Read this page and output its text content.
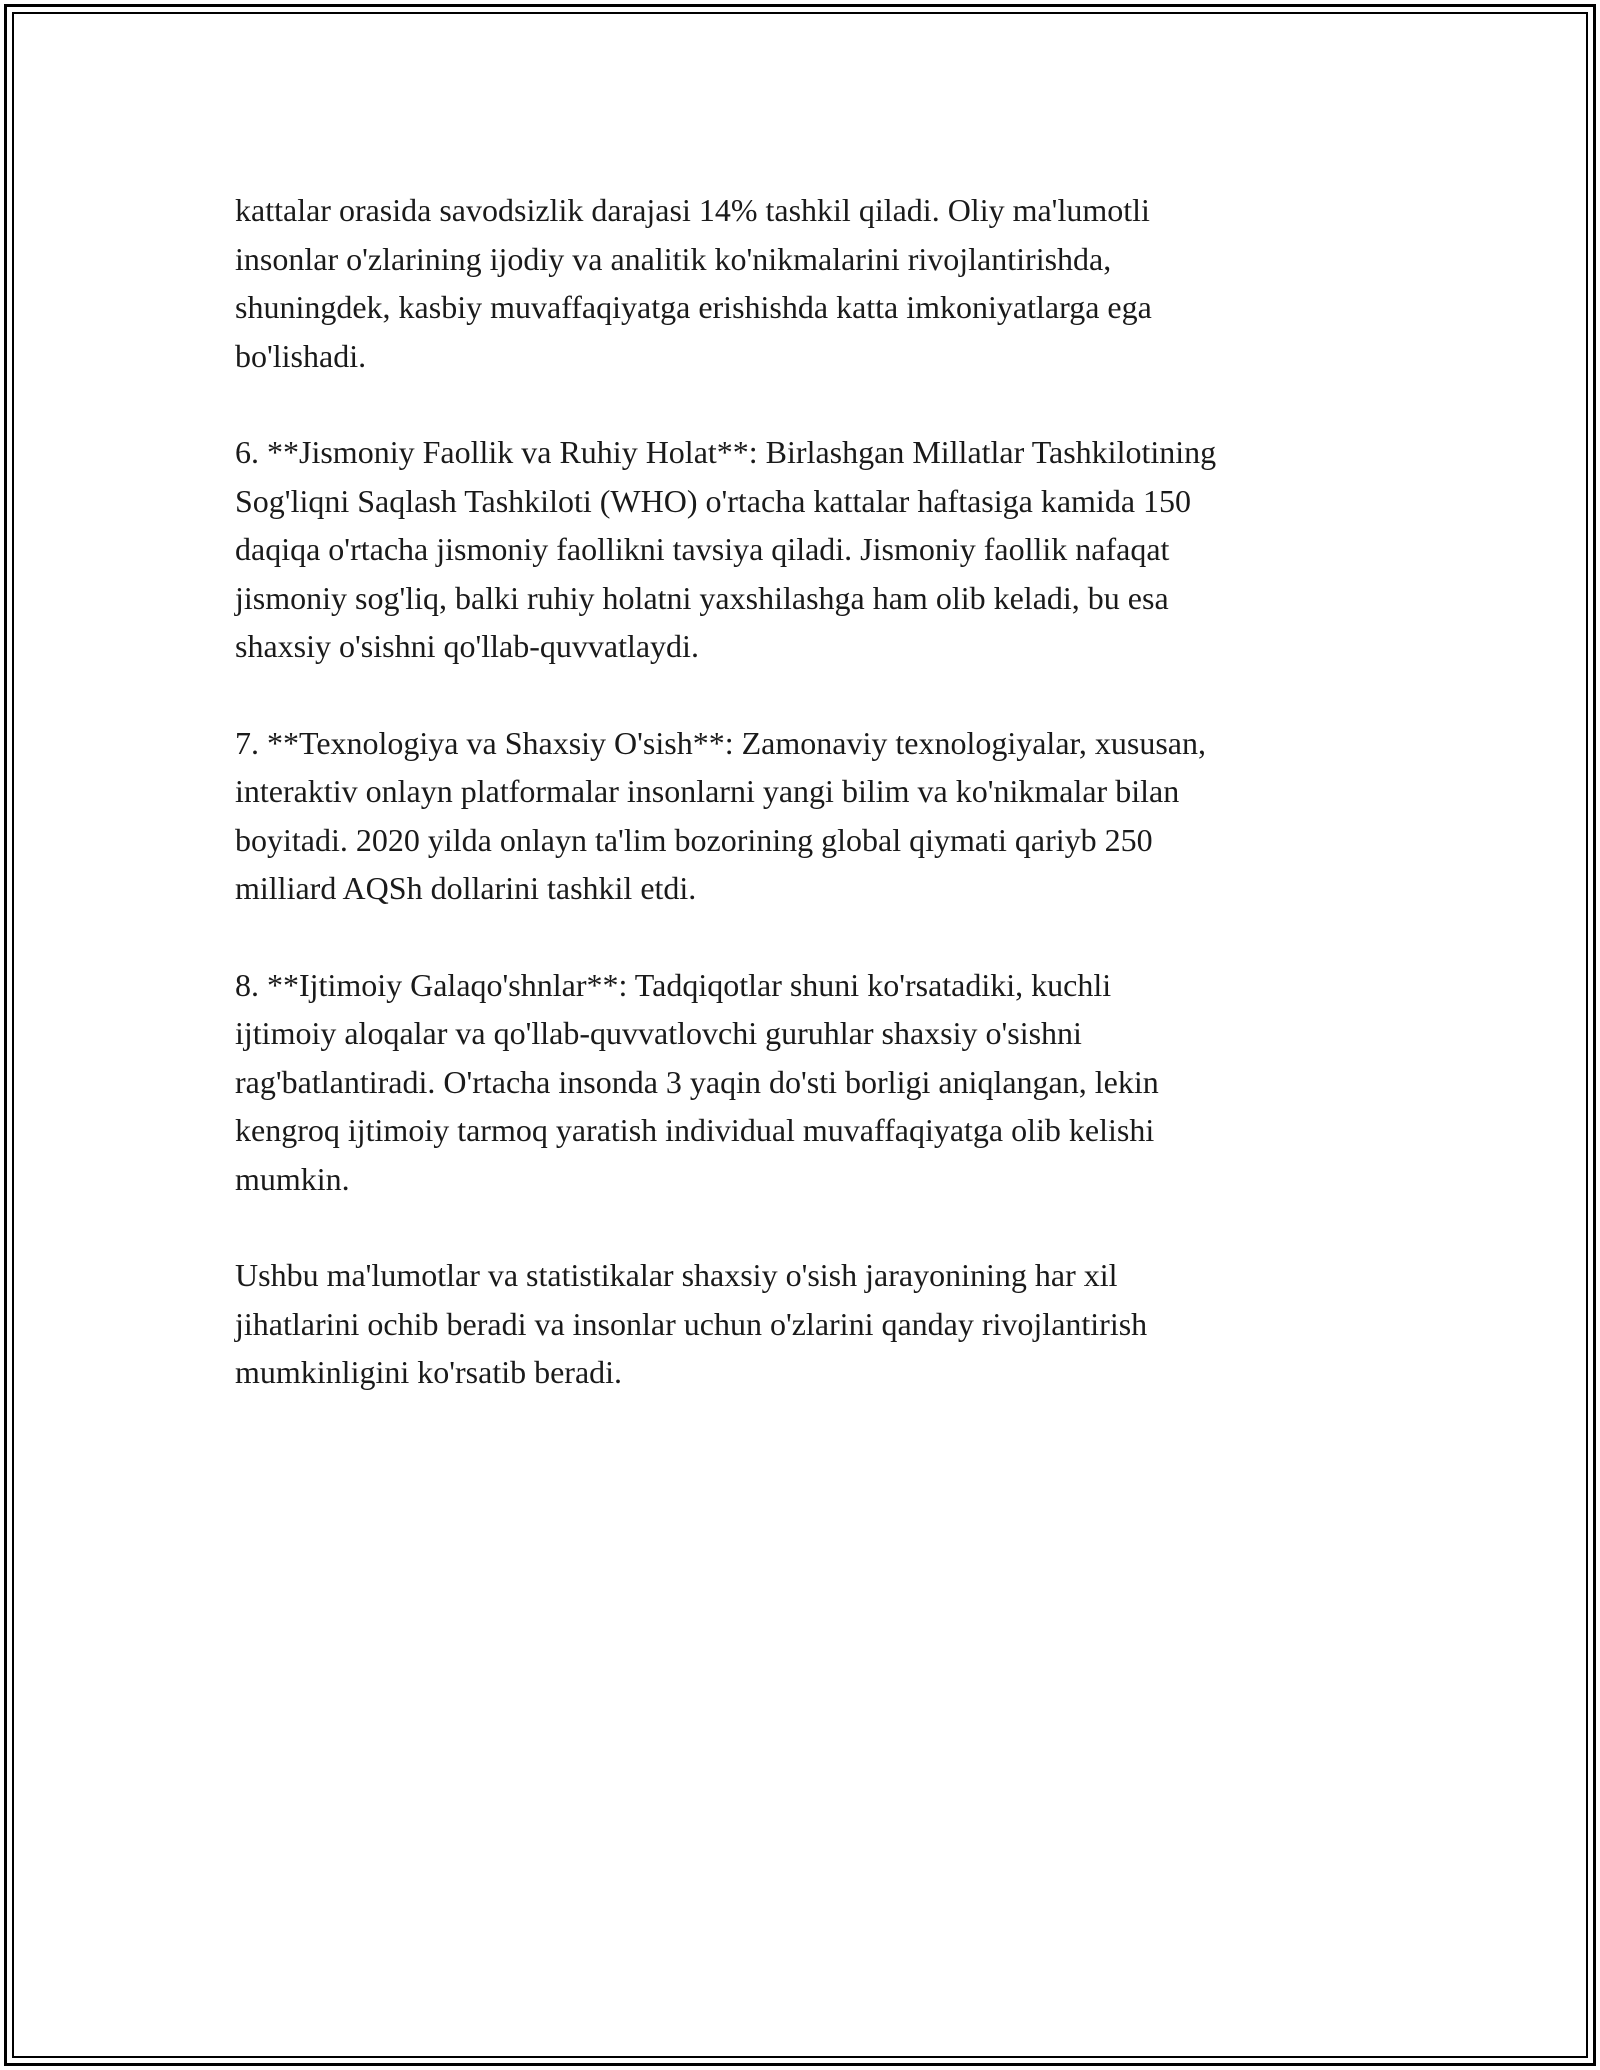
kattalar orasida savodsizlik darajasi 14% tashkil qiladi. Oliy ma'lumotli
insonlar o'zlarining ijodiy va analitik ko'nikmalarini rivojlantirishda,
shuningdek, kasbiy muvaffaqiyatga erishishda katta imkoniyatlarga ega
bo'lishadi.

6. **Jismoniy Faollik va Ruhiy Holat**: Birlashgan Millatlar Tashkilotining
Sog'liqni Saqlash Tashkiloti (WHO) o'rtacha kattalar haftasiga kamida 150
daqiqa o'rtacha jismoniy faollikni tavsiya qiladi. Jismoniy faollik nafaqat
jismoniy sog'liq, balki ruhiy holatni yaxshilashga ham olib keladi, bu esa
shaxsiy o'sishni qo'llab-quvvatlaydi.

7. **Texnologiya va Shaxsiy O'sish**: Zamonaviy texnologiyalar, xususan,
interaktiv onlayn platformalar insonlarni yangi bilim va ko'nikmalar bilan
boyitadi. 2020 yilda onlayn ta'lim bozorining global qiymati qariyb 250
milliard AQSh dollarini tashkil etdi.

8. **Ijtimoiy Galaqo'shnlar**: Tadqiqotlar shuni ko'rsatadiki, kuchli
ijtimoiy aloqalar va qo'llab-quvvatlovchi guruhlar shaxsiy o'sishni
rag'batlantiradi. O'rtacha insonda 3 yaqin do'sti borligi aniqlangan, lekin
kengroq ijtimoiy tarmoq yaratish individual muvaffaqiyatga olib kelishi
mumkin.

Ushbu ma'lumotlar va statistikalar shaxsiy o'sish jarayonining har xil
jihatlarini ochib beradi va insonlar uchun o'zlarini qanday rivojlantirish
mumkinligini ko'rsatib beradi.
